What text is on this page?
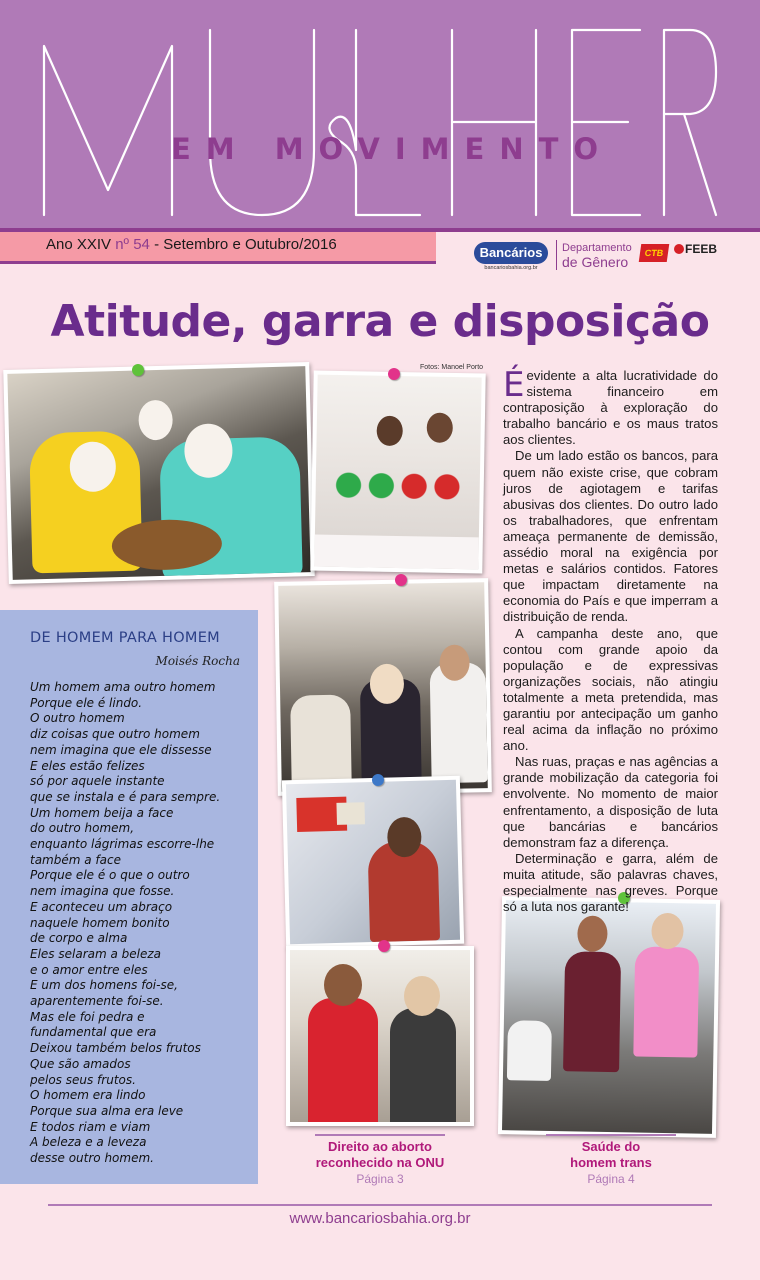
EM MOVIMENTO
Ano XXIV nº 54 - Setembro e Outubro/2016	Bancários
bancariosbahia.org.br
Departamento
de Gênero
CTB	FEEB
Atitude, garra e disposição
Fotos: Manoel Porto
DE HOMEM PARA HOMEM
Moisés Rocha
Um homem ama outro homem
Porque ele é lindo.
O outro homem
diz coisas que outro homem
nem imagina que ele dissesse
E eles estão felizes
só por aquele instante
que se instala e é para sempre.
Um homem beija a face
do outro homem,
enquanto lágrimas escorre-lhe
também a face
Porque ele é o que o outro
nem imagina que fosse.
E aconteceu um abraço
naquele homem bonito
de corpo e alma
Eles selaram a beleza
e o amor entre eles
E um dos homens foi-se,
aparentemente foi-se.
Mas ele foi pedra e
fundamental que era
Deixou também belos frutos
Que são amados
pelos seus frutos.
O homem era lindo
Porque sua alma era leve
E todos riam e viam
A beleza e a leveza
desse outro homem.

Éevidente a alta lucratividade do sistema financeiro em contraposição à exploração do trabalho bancário e os maus tratos aos clientes.

De um lado estão os bancos, para quem não existe crise, que cobram juros de agiotagem e tarifas abusivas dos clientes. Do outro lado os trabalhadores, que enfrentam ameaça permanente de demissão, assédio moral na exigência por metas e salários contidos. Fatores que impactam diretamente na economia do País e que imperram a distribuição de renda.

A campanha deste ano, que contou com grande apoio da população e de expressivas organizações sociais, não atingiu totalmente a meta pretendida, mas garantiu por antecipação um ganho real acima da inflação no próximo ano.

Nas ruas, praças e nas agências a grande mobilização da categoria foi envolvente. No momento de maior enfrentamento, a disposição de luta que bancárias e bancários demonstram faz a diferença.

Determinação e garra, além de muita atitude, são palavras chaves, especialmente nas greves. Porque só a luta nos garante!

Direito ao aborto
reconhecido na ONU
Página 3
Saúde do
homem trans
Página 4
www.bancariosbahia.org.br
